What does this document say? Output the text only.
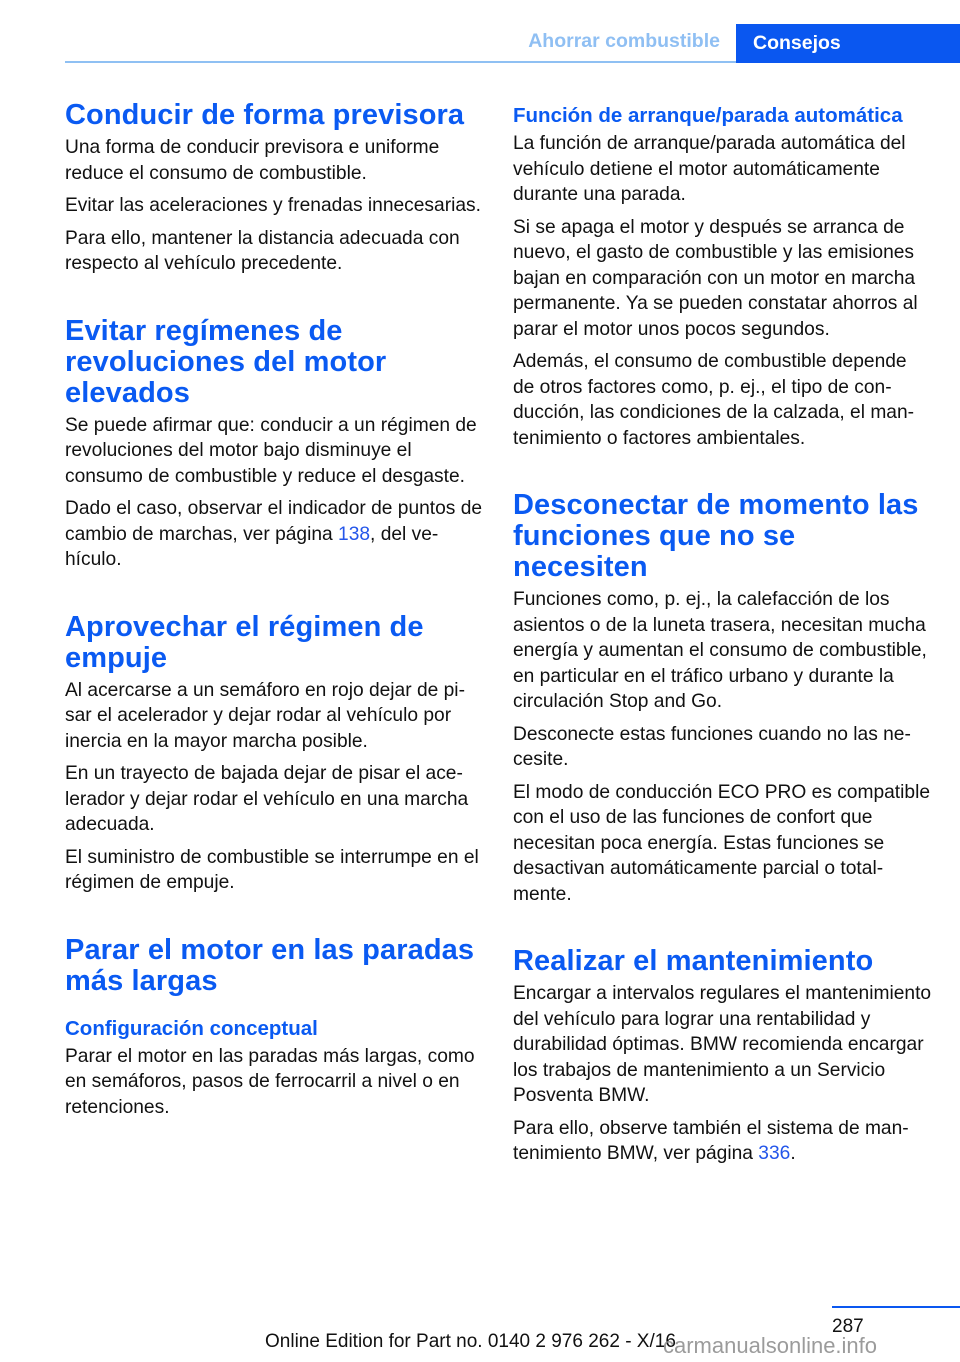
Ahorrar combustible	Consejos
Conducir de forma previsora

Una forma de conducir previsora e uniforme reduce el consumo de combustible.

Evitar las aceleraciones y frenadas innecesarias.

Para ello, mantener la distancia adecuada con respecto al vehículo precedente.

Evitar regímenes de revoluciones del motor elevados

Se puede afirmar que: conducir a un régimen de revoluciones del motor bajo disminuye el consumo de combustible y reduce el desgaste.

Dado el caso, observar el indicador de puntos de cambio de marchas, ver página 138, del vehículo.

Aprovechar el régimen de empuje

Al acercarse a un semáforo en rojo dejar de pisar el acelerador y dejar rodar al vehículo por inercia en la mayor marcha posible.

En un trayecto de bajada dejar de pisar el acelerador y dejar rodar el vehículo en una marcha adecuada.

El suministro de combustible se interrumpe en el régimen de empuje.

Parar el motor en las paradas más largas
Configuración conceptual

Parar el motor en las paradas más largas, como en semáforos, pasos de ferrocarril a nivel o en retenciones.

Función de arranque/parada automática

La función de arranque/parada automática del vehículo detiene el motor automáticamente durante una parada.

Si se apaga el motor y después se arranca de nuevo, el gasto de combustible y las emisiones bajan en comparación con un motor en marcha permanente. Ya se pueden constatar ahorros al parar el motor unos pocos segundos.

Además, el consumo de combustible depende de otros factores como, p. ej., el tipo de conducción, las condiciones de la calzada, el mantenimiento o factores ambientales.

Desconectar de momento las funciones que no se necesiten

Funciones como, p. ej., la calefacción de los asientos o de la luneta trasera, necesitan mucha energía y aumentan el consumo de combustible, en particular en el tráfico urbano y durante la circulación Stop and Go.

Desconecte estas funciones cuando no las necesite.

El modo de conducción ECO PRO es compatible con el uso de las funciones de confort que necesitan poca energía. Estas funciones se desactivan automáticamente parcial o totalmente.

Realizar el mantenimiento

Encargar a intervalos regulares el mantenimiento del vehículo para lograr una rentabilidad y durabilidad óptimas. BMW recomienda encargar los trabajos de mantenimiento a un Servicio Posventa BMW.

Para ello, observe también el sistema de mantenimiento BMW, ver página 336.

287
Online Edition for Part no. 0140 2 976 262 - X/16
carmanualsonline.info
